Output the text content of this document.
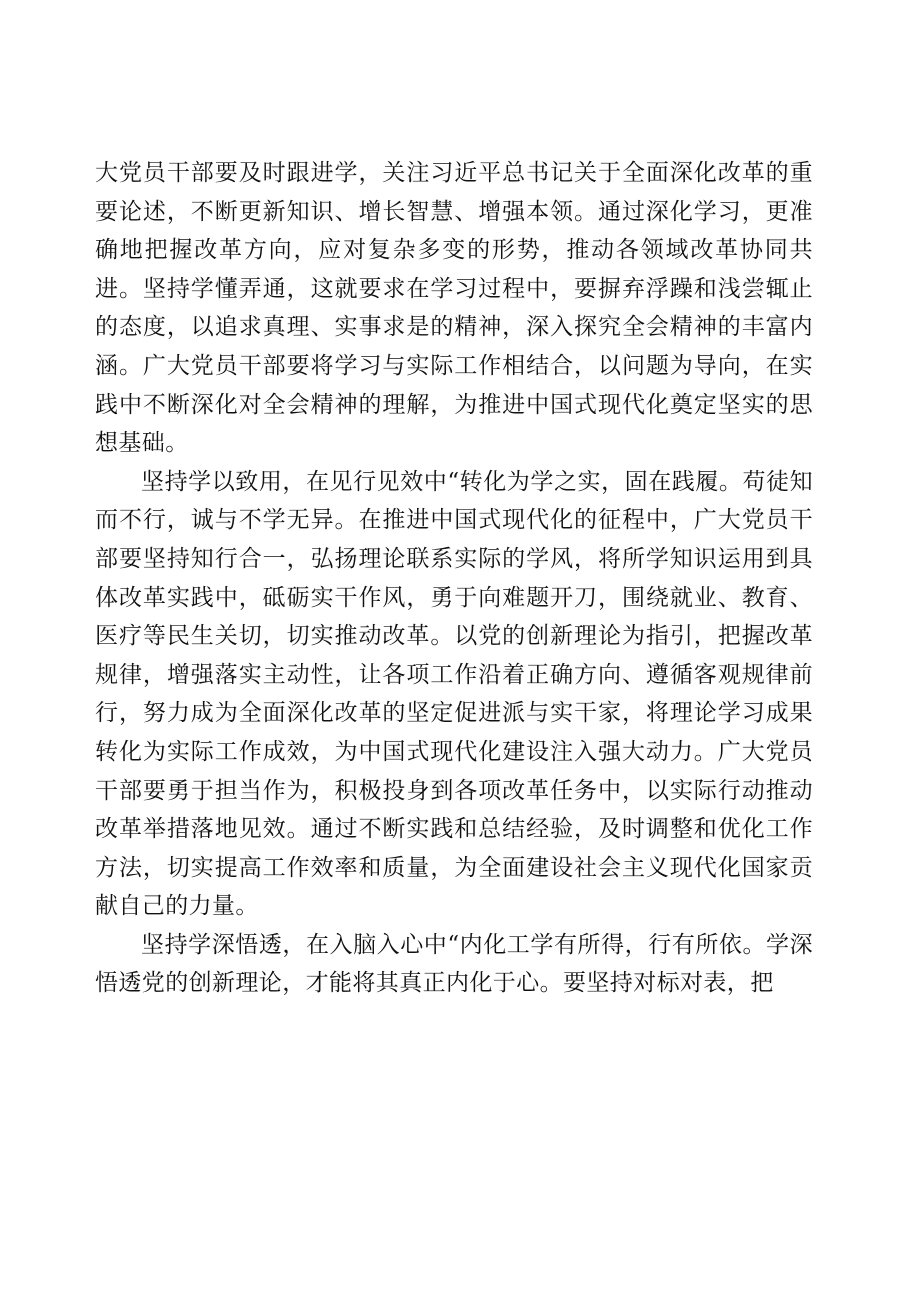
大党员干部要及时跟进学，关注习近平总书记关于全面深化改革的重要论述，不断更新知识、增长智慧、增强本领。通过深化学习，更准确地把握改革方向，应对复杂多变的形势，推动各领域改革协同共进。坚持学懂弄通，这就要求在学习过程中，要摒弃浮躁和浅尝辄止的态度，以追求真理、实事求是的精神，深入探究全会精神的丰富内涵。广大党员干部要将学习与实际工作相结合，以问题为导向，在实践中不断深化对全会精神的理解，为推进中国式现代化奠定坚实的思想基础。

坚持学以致用，在见行见效中“转化为学之实，固在践履。苟徒知而不行，诚与不学无异。在推进中国式现代化的征程中，广大党员干部要坚持知行合一，弘扬理论联系实际的学风，将所学知识运用到具体改革实践中，砥砺实干作风，勇于向难题开刀，围绕就业、教育、医疗等民生关切，切实推动改革。以党的创新理论为指引，把握改革规律，增强落实主动性，让各项工作沿着正确方向、遵循客观规律前行，努力成为全面深化改革的坚定促进派与实干家，将理论学习成果转化为实际工作成效，为中国式现代化建设注入强大动力。广大党员干部要勇于担当作为，积极投身到各项改革任务中，以实际行动推动改革举措落地见效。通过不断实践和总结经验，及时调整和优化工作方法，切实提高工作效率和质量，为全面建设社会主义现代化国家贡献自己的力量。

坚持学深悟透，在入脑入心中“内化工学有所得，行有所依。学深悟透党的创新理论，才能将其真正内化于心。要坚持对标对表，把
